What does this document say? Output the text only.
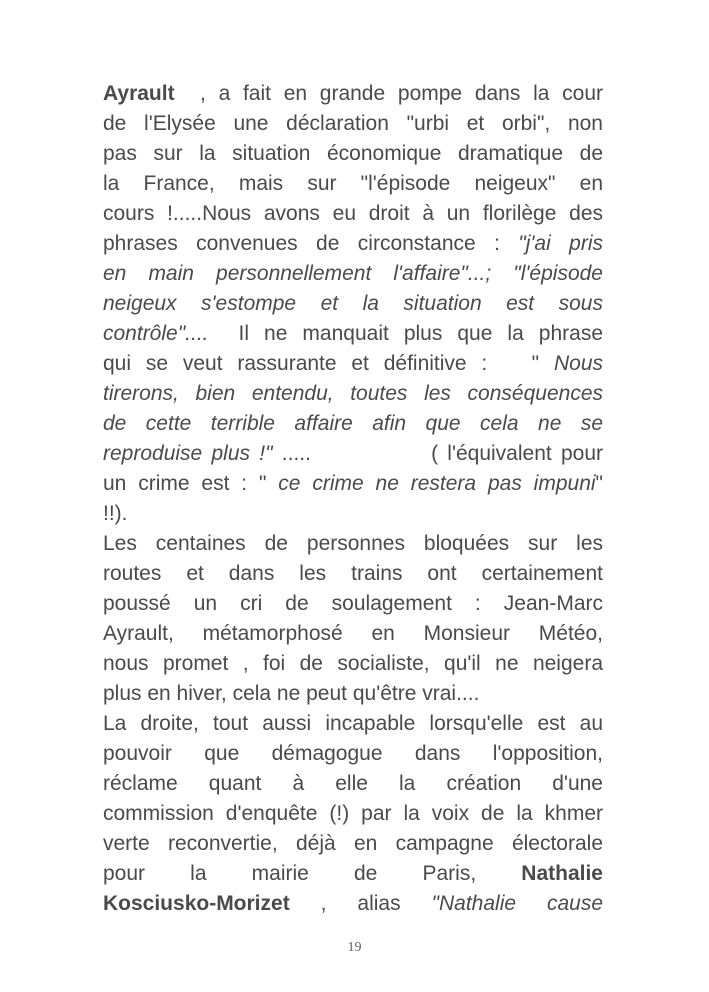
Ayrault  , a fait en grande pompe dans la cour
de l'Elysée une déclaration "urbi et orbi", non
pas sur la situation économique dramatique de
la France, mais sur "l'épisode neigeux" en
cours !.....Nous avons eu droit à un florilège des
phrases convenues de circonstance : "j'ai pris
en main personnellement l'affaire"...; "l'épisode
neigeux s'estompe et la situation est sous
contrôle"....  Il ne manquait plus que la phrase
qui se veut rassurante et définitive :   " Nous
tirerons, bien entendu, toutes les conséquences
de cette terrible affaire afin que cela ne se
reproduise plus !" .....             ( l'équivalent pour
un crime est : " ce crime ne restera pas impuni"
!!).
Les centaines de personnes bloquées sur les
routes et dans les trains ont certainement
poussé un cri de soulagement : Jean-Marc
Ayrault, métamorphosé en Monsieur Météo,
nous promet , foi de socialiste, qu'il ne neigera
plus en hiver, cela ne peut qu'être vrai....
La droite, tout aussi incapable lorsqu'elle est au
pouvoir que démagogue dans l'opposition,
réclame quant à elle la création d'une
commission d'enquête (!) par la voix de la khmer
verte reconvertie, déjà en campagne électorale
pour la mairie de Paris, Nathalie
Kosciusko-Morizet , alias "Nathalie cause
19
